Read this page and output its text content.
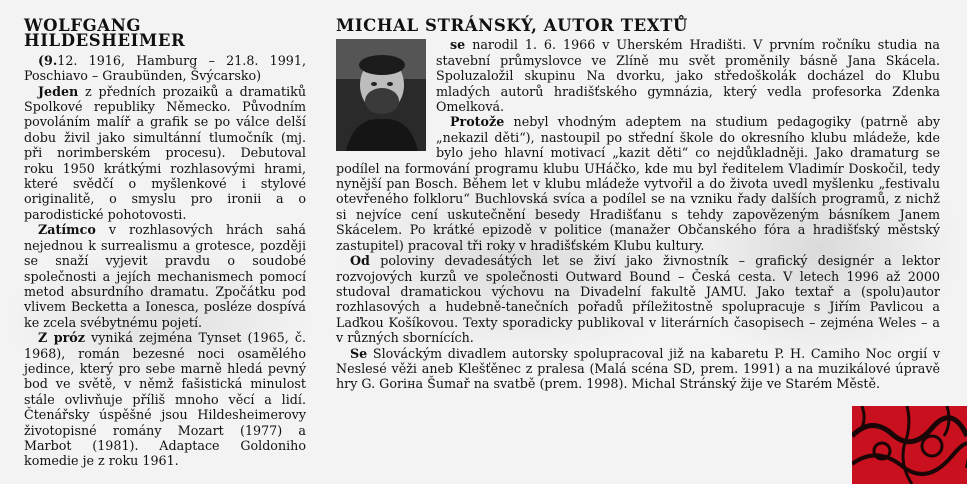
WOLFGANG HILDESHEIMER

(9.12. 1916, Hamburg – 21.8. 1991, Poschiavo – Graubünden, Švýcarsko)

Jeden z předních prozaiků a dramatiků Spolkové republiky Německo. Původním povoláním malíř a grafik se po válce delší dobu živil jako simultánní tlumočník (mj. při norimberském procesu). Debutoval roku 1950 krátkými rozhlasovými hrami, které svědčí o myšlenkové i stylové originalitě, o smyslu pro ironii a o parodistické pohotovosti.

Zatímco v rozhlasových hrách sahá nejednou k surrealismu a grotesce, později se snaží vyjevit pravdu o soudobé společnosti a jejích mechanismech pomocí metod absurdního dramatu. Zpočátku pod vlivem Becketta a Ionesca, posléze dospívá ke zcela svébytnému pojetí.

Z próz vyniká zejména Tynset (1965, č. 1968), román bezesné noci osamělého jedince, který pro sebe marně hledá pevný bod ve světě, v němž fašistická minulost stále ovlivňuje příliš mnoho věcí a lidí. Čtenářsky úspěšné jsou Hildesheimerovy životopisné romány Mozart (1977) a Marbot (1981). Adaptace Goldoniho komedie je z roku 1961.

MICHAL STRÁNSKÝ, AUTOR TEXTŮ

se narodil 1. 6. 1966 v Uherském Hradišti. V prvním ročníku studia na stavební průmyslovce ve Zlíně mu svět proměnily básně Jana Skácela. Spoluzaložil skupinu Na dvorku, jako středoškolák docházel do Klubu mladých autorů hradišťského gymnázia, který vedla profesorka Zdenka Omelková.

Protože nebyl vhodným adeptem na studium pedagogiky (patrně aby „nekazil děti“), nastoupil po střední škole do okresního klubu mládeže, kde bylo jeho hlavní motivací „kazit děti“ co nejdůkladněji. Jako dramaturg se podílel na formování programu klubu UHáčko, kde mu byl ředitelem Vladimír Doskočil, tedy nynější pan Bosch. Během let v klubu mládeže vytvořil a do života uvedl myšlenku „festivalu otevřeného folkloru“ Buchlovská svíca a podílel se na vzniku řady dalších programů, z nichž si nejvíce cení uskutečnění besedy Hradišťanu s tehdy zapovězeným básníkem Janem Skácelem. Po krátké epizodě v politice (manažer Občanského fóra a hradišťský městský zastupitel) pracoval tři roky v hradišťském Klubu kultury.

Od poloviny devadesátých let se živí jako živnostník – grafický designér a lektor rozvojových kurzů ve společnosti Outward Bound – Česká cesta. V letech 1996 až 2000 studoval dramatickou výchovu na Divadelní fakultě JAMU. Jako textař a (spolu)autor rozhlasových a hudebně-tanečních pořadů příležitostně spolupracuje s Jiřím Pavlicou a Laďkou Košíkovou. Texty sporadicky publikoval v literárních časopisech – zejména Weles – a v různých sbornících.

Se Slováckým divadlem autorsky spolupracoval již na kabaretu P. H. Camiho Noc orgií v Neslesé věži aneb Klešťěnec z pralesa (Malá scéna SD, prem. 1991) a na muzikálové úpravě hry G. Goriна Šumař na svatbě (prem. 1998). Michal Stránský žije ve Starém Městě.
